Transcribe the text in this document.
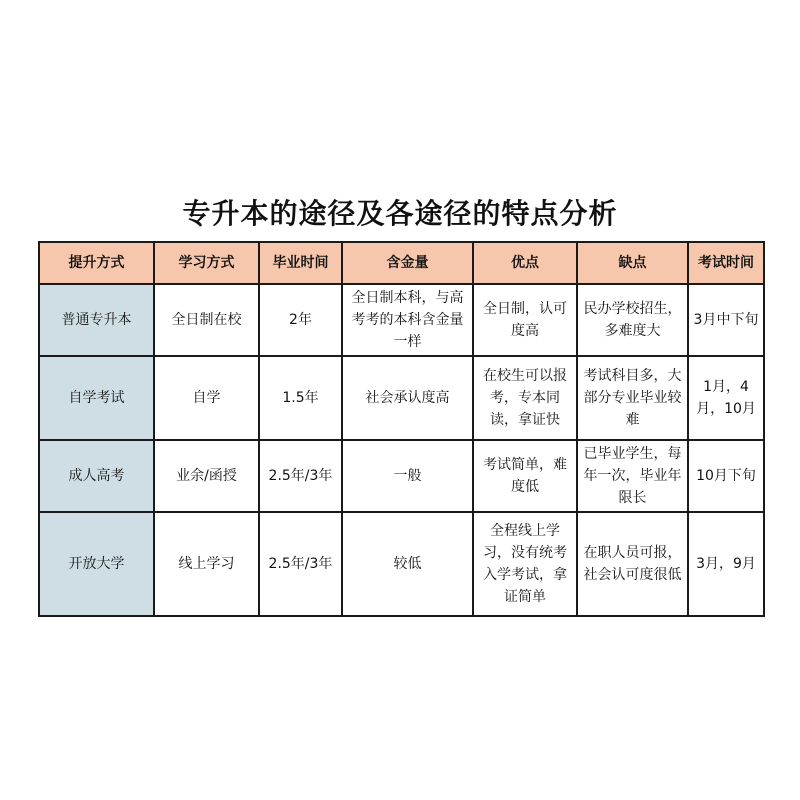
专升本的途径及各途径的特点分析
提升方式	学习方式	毕业时间	含金量	优点	缺点	考试时间
普通专升本	全日制在校	2年	全日制本科，与高考考的本科含金量一样	全日制，认可度高	民办学校招生，多难度大	3月中下旬
自学考试	自学	1.5年	社会承认度高	在校生可以报考，专本同读，拿证快	考试科目多，大部分专业毕业较难	1月，4月，10月
成人高考	业余/函授	2.5年/3年	一般	考试简单，难度低	已毕业学生，每年一次，毕业年限长	10月下旬
开放大学	线上学习	2.5年/3年	较低	全程线上学习，没有统考入学考试，拿证简单	在职人员可报，社会认可度很低	3月，9月
